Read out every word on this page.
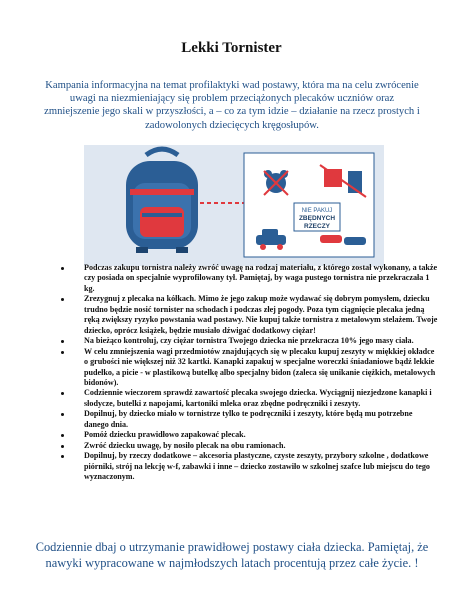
Lekki Tornister
Kampania informacyjna na temat profilaktyki wad postawy, która ma na celu zwrócenie uwagi na niezmieniający się problem przeciążonych plecaków uczniów oraz zmniejszenie jego skali w przyszłości, a – co za tym idzie – działanie na rzecz prostych i zadowolonych dziecięcych kręgosłupów.
NIE PAKUJ
ZBĘDNYCH
RZECZY
Podczas zakupu tornistra należy zwróć uwagę na rodzaj materiału, z którego został wykonany, a także czy posiada on specjalnie wyprofilowany tył. Pamiętaj, by waga pustego tornistra nie przekraczała 1 kg.
Zrezygnuj z plecaka na kółkach. Mimo że jego zakup może wydawać się dobrym pomysłem, dziecku trudno będzie nosić tornister na schodach i podczas złej pogody. Poza tym ciągnięcie plecaka jedną ręką zwiększy ryzyko powstania wad postawy. Nie kupuj także tornistra z metalowym stelażem. Twoje dziecko, oprócz książek, będzie musiało dźwigać dodatkowy ciężar!
Na bieżąco kontroluj, czy ciężar tornistra Twojego dziecka nie przekracza 10% jego masy ciała.
W celu zmniejszenia wagi przedmiotów znajdujących się w plecaku kupuj zeszyty w miękkiej okładce o grubości nie większej niż 32 kartki. Kanapki zapakuj w specjalne woreczki śniadaniowe bądź lekkie pudełko, a picie - w plastikową butelkę albo specjalny bidon (zaleca się unikanie ciężkich, metalowych bidonów).
Codziennie wieczorem sprawdź zawartość plecaka swojego dziecka. Wyciągnij niezjedzone kanapki i słodycze, butelki z napojami, kartoniki mleka oraz zbędne podręczniki i zeszyty.
Dopilnuj, by dziecko miało w tornistrze tylko te podręczniki i zeszyty, które będą mu potrzebne danego dnia.
Pomóż dziecku prawidłowo zapakować plecak.
Zwróć dziecku uwagę, by nosiło plecak na obu ramionach.
Dopilnuj, by rzeczy dodatkowe – akcesoria plastyczne, czyste zeszyty, przybory szkolne , dodatkowe piórniki, strój na lekcję w-f, zabawki i inne – dziecko zostawiło w szkolnej szafce lub miejscu do tego wyznaczonym.
Codziennie dbaj o utrzymanie prawidłowej postawy ciała dziecka. Pamiętaj, że nawyki wypracowane w najmłodszych latach procentują przez całe życie. !
